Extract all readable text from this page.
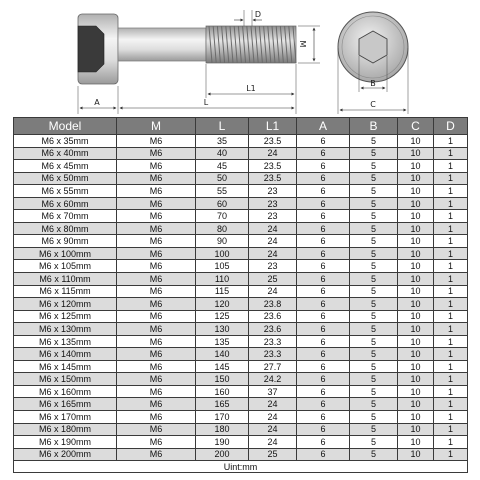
A	L
L1
D
M
B
C
Model	M	L	L1	A	B	C	D
M6 x 35mm	M6	35	23.5	6	5	10	1
M6 x 40mm	M6	40	24	6	5	10	1
M6 x 45mm	M6	45	23.5	6	5	10	1
M6 x 50mm	M6	50	23.5	6	5	10	1
M6 x 55mm	M6	55	23	6	5	10	1
M6 x 60mm	M6	60	23	6	5	10	1
M6 x 70mm	M6	70	23	6	5	10	1
M6 x 80mm	M6	80	24	6	5	10	1
M6 x 90mm	M6	90	24	6	5	10	1
M6 x 100mm	M6	100	24	6	5	10	1
M6 x 105mm	M6	105	23	6	5	10	1
M6 x 110mm	M6	110	25	6	5	10	1
M6 x 115mm	M6	115	24	6	5	10	1
M6 x 120mm	M6	120	23.8	6	5	10	1
M6 x 125mm	M6	125	23.6	6	5	10	1
M6 x 130mm	M6	130	23.6	6	5	10	1
M6 x 135mm	M6	135	23.3	6	5	10	1
M6 x 140mm	M6	140	23.3	6	5	10	1
M6 x 145mm	M6	145	27.7	6	5	10	1
M6 x 150mm	M6	150	24.2	6	5	10	1
M6 x 160mm	M6	160	37	6	5	10	1
M6 x 165mm	M6	165	24	6	5	10	1
M6 x 170mm	M6	170	24	6	5	10	1
M6 x 180mm	M6	180	24	6	5	10	1
M6 x 190mm	M6	190	24	6	5	10	1
M6 x 200mm	M6	200	25	6	5	10	1
Uint:mm							
